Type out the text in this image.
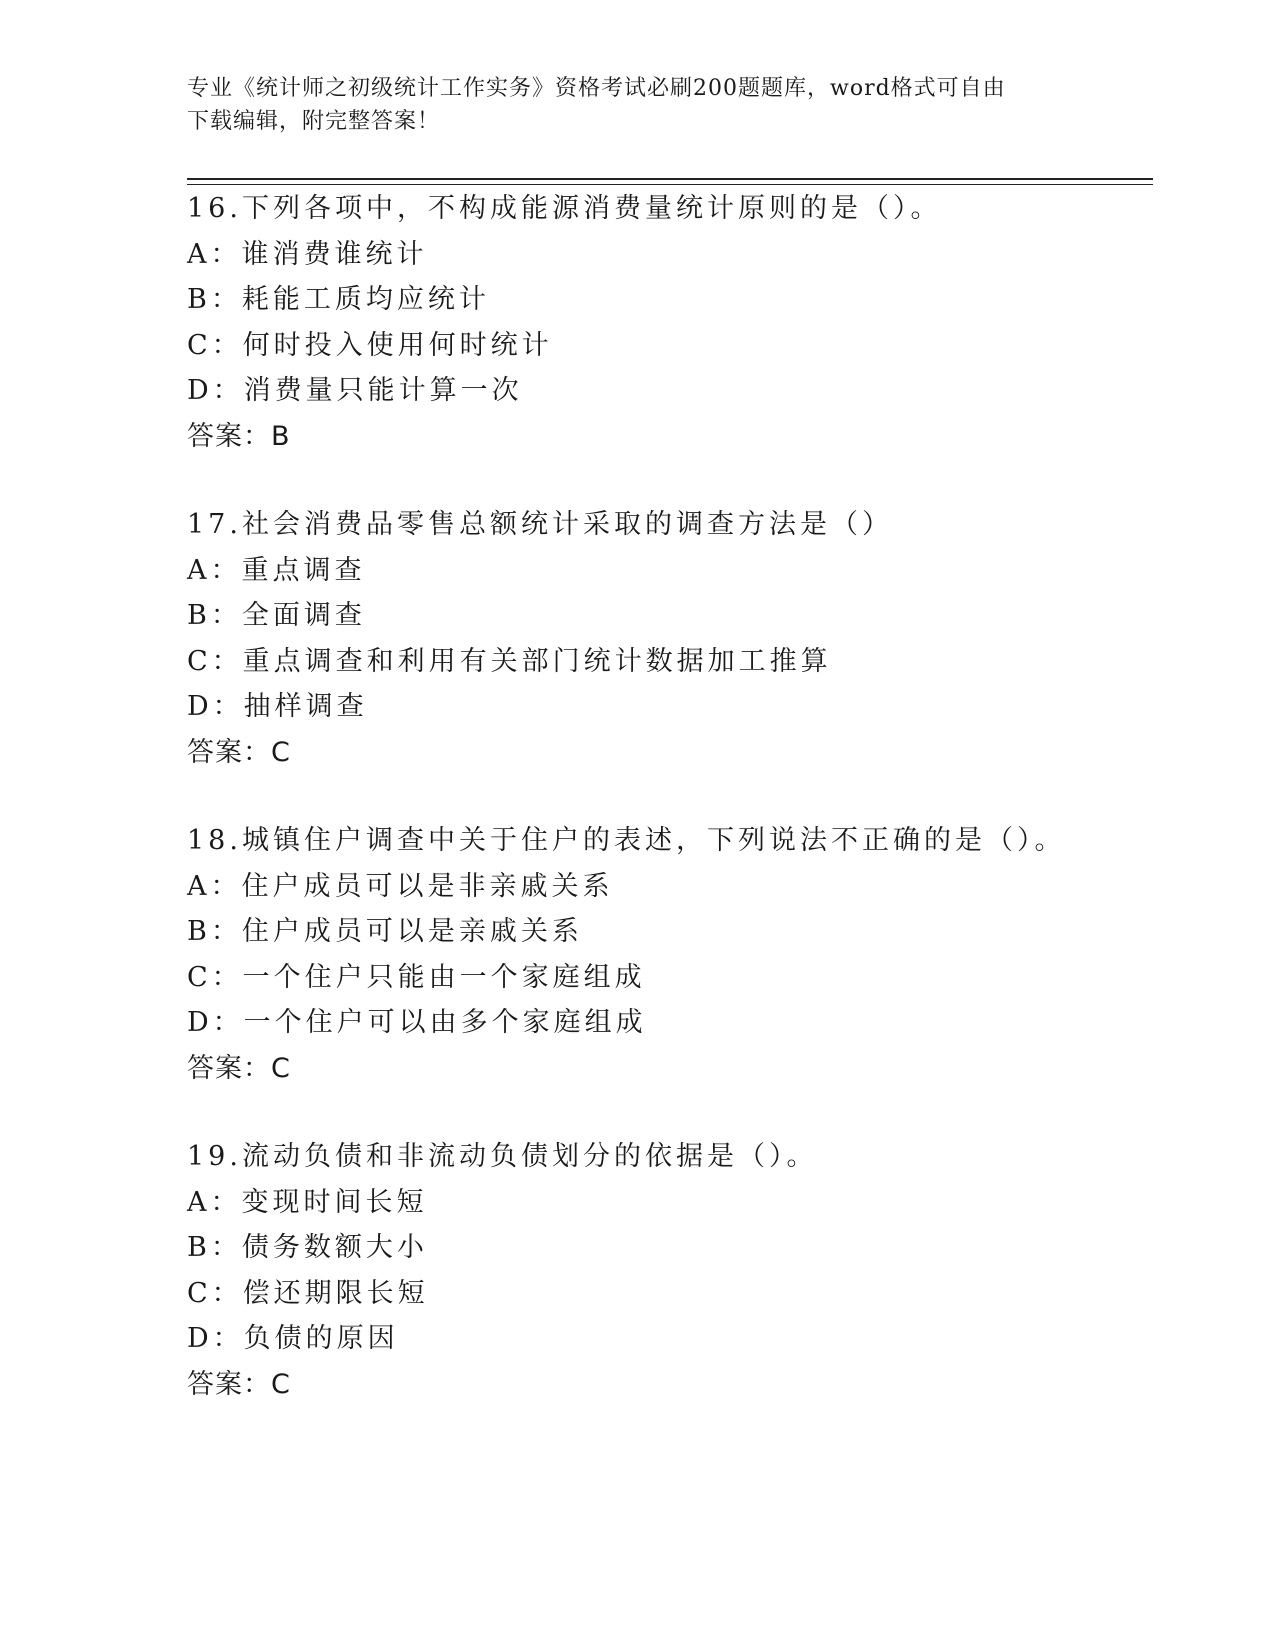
专业《统计师之初级统计工作实务》资格考试必刷200题题库，word格式可自由
下载编辑，附完整答案！
16.下列各项中，不构成能源消费量统计原则的是（）。
A：谁消费谁统计
B：耗能工质均应统计
C：何时投入使用何时统计
D：消费量只能计算一次
答案：B
17.社会消费品零售总额统计采取的调查方法是（）
A：重点调查
B：全面调查
C：重点调查和利用有关部门统计数据加工推算
D：抽样调查
答案：C
18.城镇住户调查中关于住户的表述，下列说法不正确的是（）。
A：住户成员可以是非亲戚关系
B：住户成员可以是亲戚关系
C：一个住户只能由一个家庭组成
D：一个住户可以由多个家庭组成
答案：C
19.流动负债和非流动负债划分的依据是（）。
A：变现时间长短
B：债务数额大小
C：偿还期限长短
D：负债的原因
答案：C
